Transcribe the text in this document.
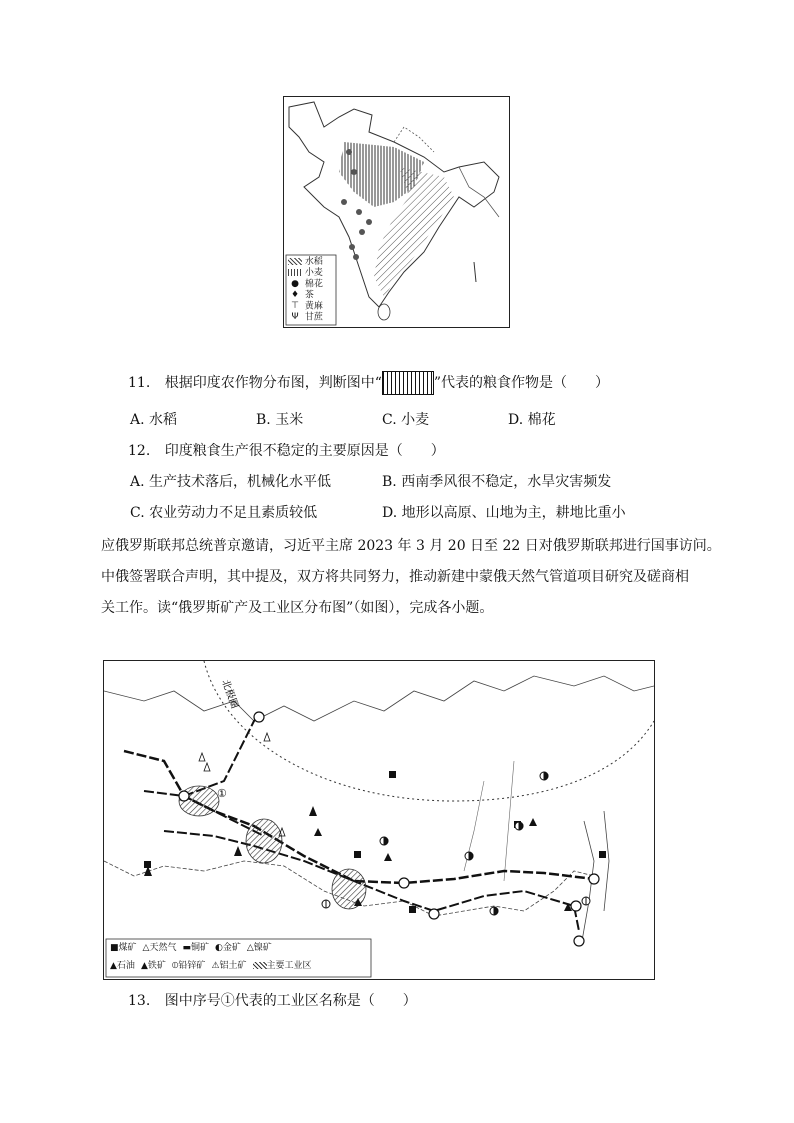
水稻
小麦
● 棉花
♦ 茶
⊤ 黄麻
Ψ 甘蔗
11. 根据印度农作物分布图，判断图中“	”代表的粮食作物是（　　）
A. 水稻	B. 玉米	C. 小麦	D. 棉花
12. 印度粮食生产很不稳定的主要原因是（　　）
A. 生产技术落后，机械化水平低	B. 西南季风很不稳定，水旱灾害频发
C. 农业劳动力不足且素质较低	D. 地形以高原、山地为主，耕地比重小
应俄罗斯联邦总统普京邀请，习近平主席 2023 年 3 月 20 日至 22 日对俄罗斯联邦进行国事访问。
中俄签署联合声明，其中提及，双方将共同努力，推动新建中蒙俄天然气管道项目研究及磋商相
关工作。读“俄罗斯矿产及工业区分布图”（如图），完成各小题。
①
北极圈
■煤矿 △天然气 ▬铜矿 ◐金矿 △镍矿
▲石油 ▲铁矿 ⦶铅锌矿 ⚠铝土矿	主要工业区
13. 图中序号①代表的工业区名称是（　　）
